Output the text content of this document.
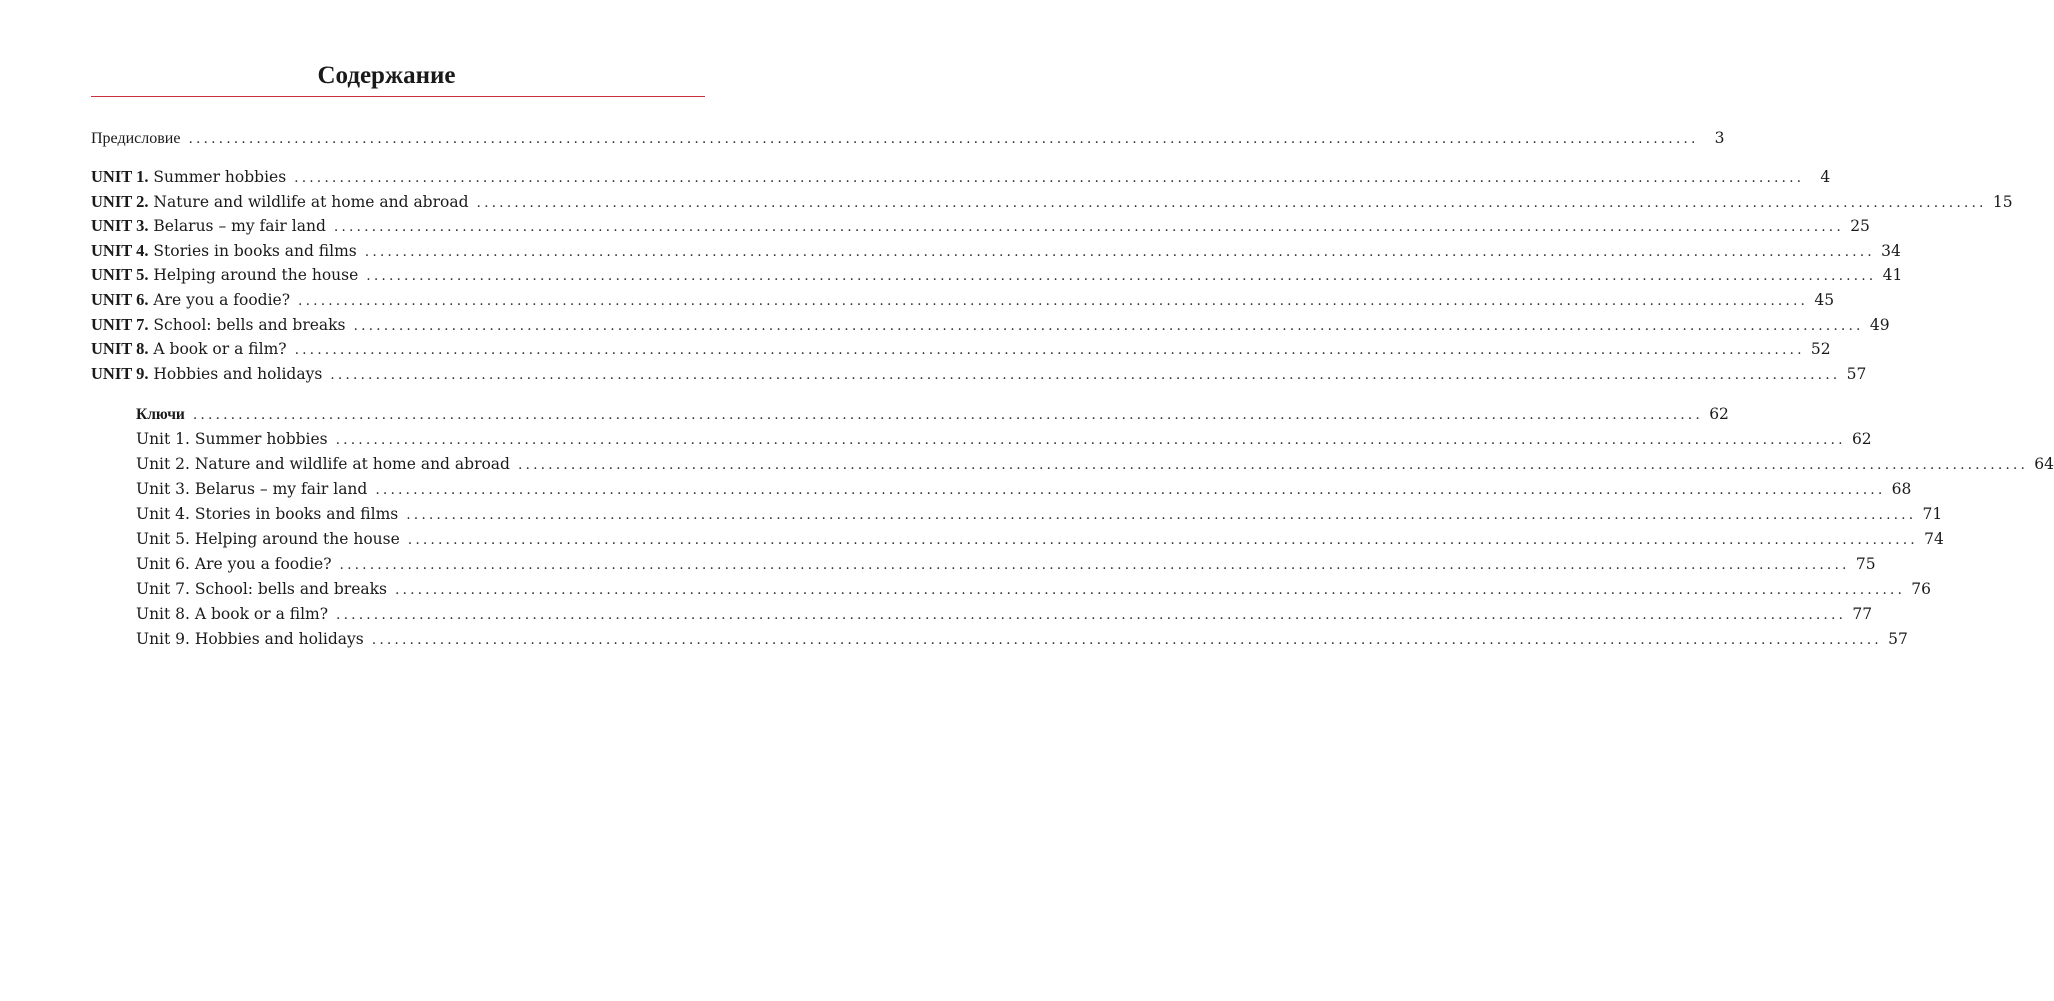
Содержание
Предисловие ........................................................................................................................................................................................................	3
UNIT 1. Summer hobbies ........................................................................................................................................................................................................	4
UNIT 2. Nature and wildlife at home and abroad ........................................................................................................................................................................................................ 15
UNIT 3. Belarus – my fair land ........................................................................................................................................................................................................ 25
UNIT 4. Stories in books and films ........................................................................................................................................................................................................ 34
UNIT 5. Helping around the house ........................................................................................................................................................................................................ 41
UNIT 6. Are you a foodie? ........................................................................................................................................................................................................ 45
UNIT 7. School: bells and breaks ........................................................................................................................................................................................................ 49
UNIT 8. A book or a film? ........................................................................................................................................................................................................ 52
UNIT 9. Hobbies and holidays ........................................................................................................................................................................................................ 57
Ключи ........................................................................................................................................................................................................ 62
Unit 1. Summer hobbies ........................................................................................................................................................................................................ 62
Unit 2. Nature and wildlife at home and abroad ........................................................................................................................................................................................................ 64
Unit 3. Belarus – my fair land ........................................................................................................................................................................................................ 68
Unit 4. Stories in books and films ........................................................................................................................................................................................................ 71
Unit 5. Helping around the house ........................................................................................................................................................................................................ 74
Unit 6. Are you a foodie? ........................................................................................................................................................................................................ 75
Unit 7. School: bells and breaks ........................................................................................................................................................................................................ 76
Unit 8. A book or a film? ........................................................................................................................................................................................................ 77
Unit 9. Hobbies and holidays ........................................................................................................................................................................................................ 57
